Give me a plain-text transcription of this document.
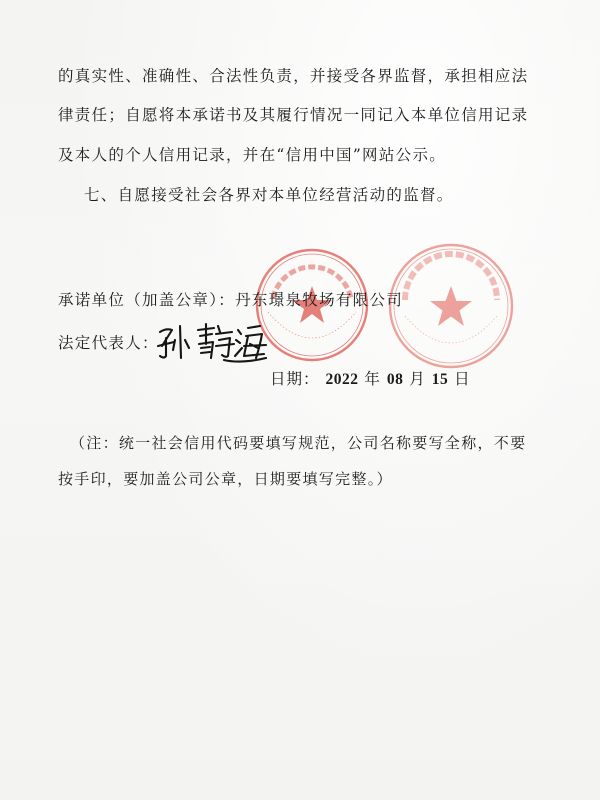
的真实性、准确性、合法性负责，并接受各界监督，承担相应法
律责任；自愿将本承诺书及其履行情况一同记入本单位信用记录
及本人的个人信用记录，并在“信用中国”网站公示。
七、自愿接受社会各界对本单位经营活动的监督。
承诺单位（加盖公章）：丹东璟泉牧场有限公司
法定代表人：
日期： 2022 年 08 月 15 日
（注：统一社会信用代码要填写规范，公司名称要写全称，不要
按手印，要加盖公司公章，日期要填写完整。）
